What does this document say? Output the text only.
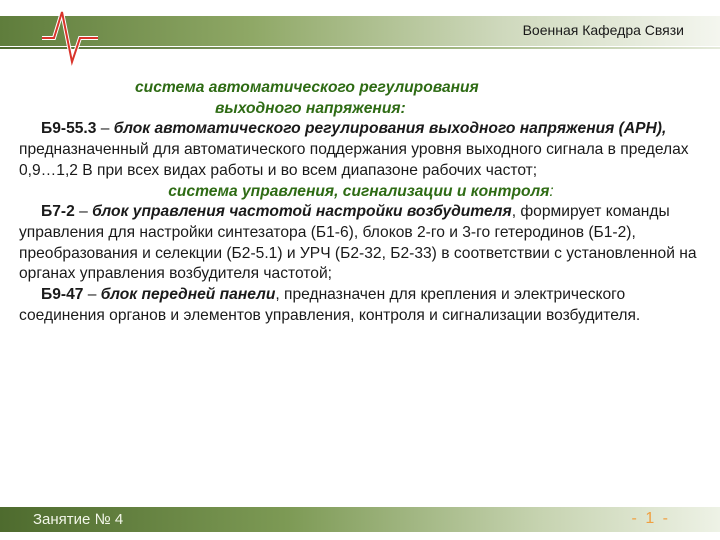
Военная Кафедра Связи

система автоматического регулирования
выходного напряжения:

Б9-55.3 – блок автоматического регулирования выходного напряжения (АРН), предназначенный для автоматического поддержания уровня выходного сигнала в пределах 0,9…1,2 В при всех видах работы и во всем диапазоне рабочих частот;

система управления, сигнализации и контроля:

Б7-2 – блок управления частотой настройки возбудителя, формирует команды управления для настройки синтезатора (Б1-6), блоков 2-го и 3-го гетеродинов (Б1-2), преобразования и селекции (Б2-5.1) и УРЧ (Б2-32, Б2-33) в соответствии с установленной на органах управления возбудителя частотой;

Б9-47 – блок передней панели, предназначен для крепления и электрического соединения органов и элементов управления, контроля и сигнализации возбудителя.

Занятие № 4	- 1 -
